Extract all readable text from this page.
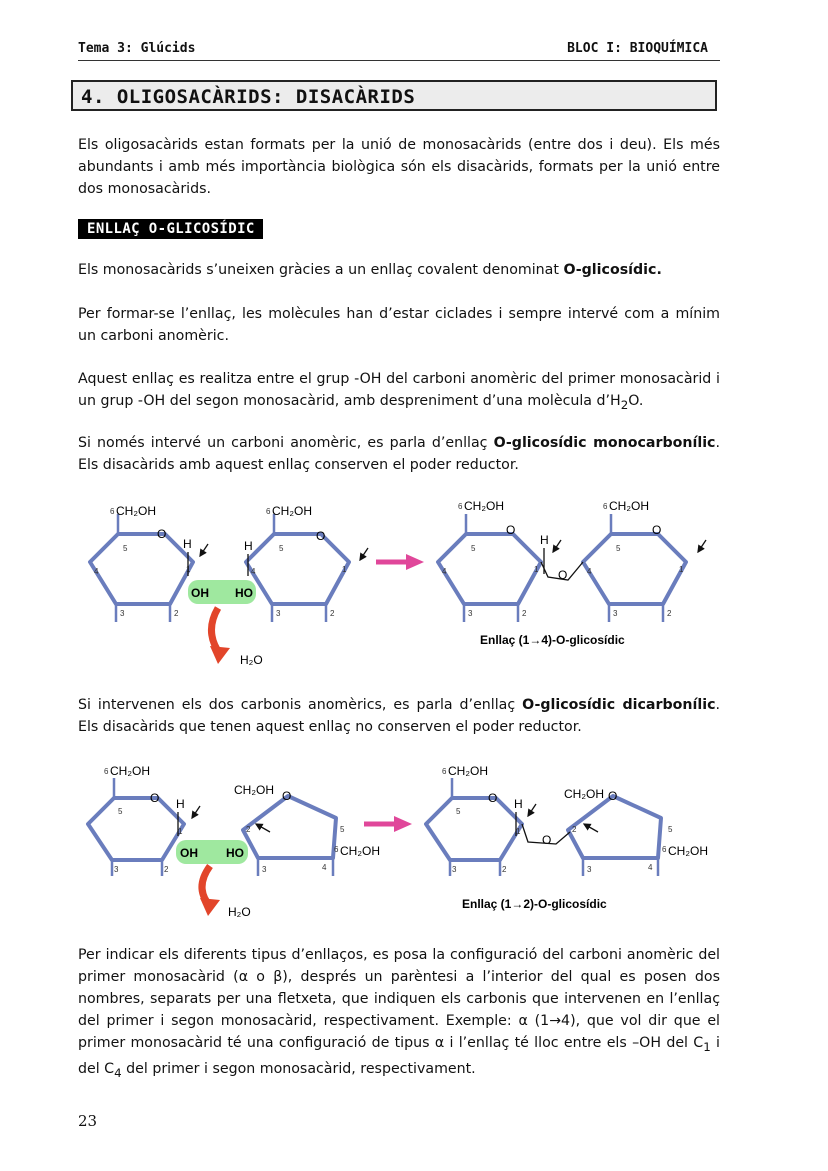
Tema 3: Glúcids	BLOC I: BIOQUÍMICA
4. OLIGOSACÀRIDS: DISACÀRIDS
Els oligosacàrids estan formats per la unió de monosacàrids (entre dos i deu). Els més abundants i amb més importància biològica són els disacàrids, formats per la unió entre dos monosacàrids.
ENLLAÇ O-GLICOSÍDIC
Els monosacàrids s’uneixen gràcies a un enllaç covalent denominat O-glicosídic.
Per formar-se l’enllaç, les molècules han d’estar ciclades i sempre intervé com a mínim un carboni anomèric.
Aquest enllaç es realitza entre el grup -OH del carboni anomèric del primer monosacàrid i un grup -OH del segon monosacàrid, amb despreniment d’una molècula $d’H_2O$.
Si només intervé un carboni anomèric, es parla d’enllaç O-glicosídic monocarbonílic. Els disacàrids amb aquest enllaç conserven el poder reductor.
OH HO
CH₂OH	CH₂OH	CH₂OH	CH₂OH
O	O	O	O
H	H	H
O
H₂O
Enllaç (1→4)-O-glicosídic
6	6
6	6
5	5	5	5
4	4	4	4
3	3	3	3
2	2	2	2
1	1	1	1
Si intervenen els dos carbonis anomèrics, es parla d’enllaç O-glicosídic dicarbonílic. Els disacàrids que tenen aquest enllaç no conserven el poder reductor.
OH HO
CH₂OH
CH₂OH O
CH₂OH
O H
CH₂OH
O H
CH₂OH O
CH₂OH
O
H₂O
Enllaç (1→2)-O-glicosídic
6	6
6	6
5	5
5	5
3	3
2	2
3	3
4	4
1	1
2	2
Per indicar els diferents tipus d’enllaços, es posa la configuració del carboni anomèric del primer monosacàrid (α o β), després un parèntesi a l’interior del qual es posen dos nombres, separats per una fletxeta, que indiquen els carbonis que intervenen en l’enllaç del primer i segon monosacàrid, respectivament. Exemple: α (1→4), que vol dir que el primer monosacàrid té una configuració de tipus α i l’enllaç té lloc entre els –OH del $C_1$ i del $C_4$ del primer i segon monosacàrid, respectivament.
23
